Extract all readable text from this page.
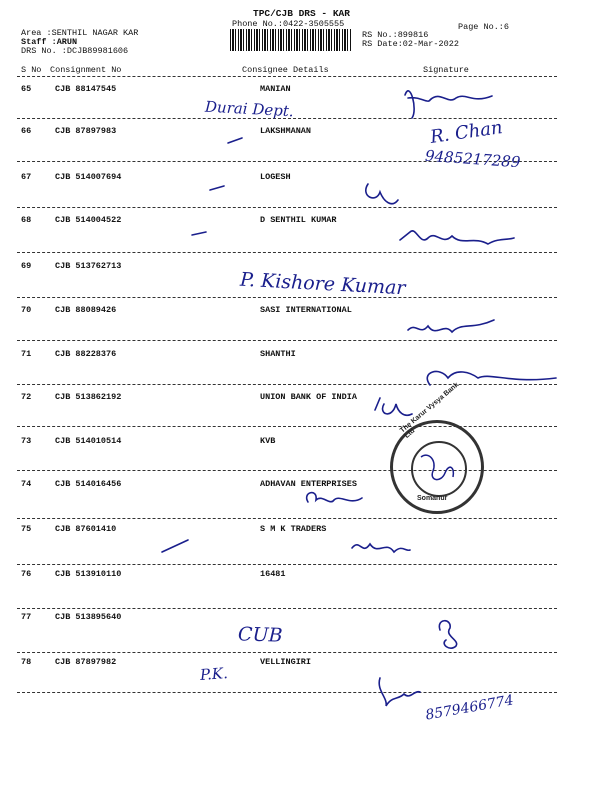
TPC/CJB DRS - KAR
Phone No.:0422-3505555	Page No.:6
Area :SENTHIL NAGAR KAR
Staff :ARUN
DRS No. :DCJB89981606
RS No.:899816
RS Date:02-Mar-2022
S No Consignment No	Consignee Details	Signature
65	CJB 88147545	MANIAN
66	CJB 87897983	LAKSHMANAN
67	CJB 514007694	LOGESH
68	CJB 514004522	D SENTHIL KUMAR
69	CJB 513762713
70	CJB 88089426	SASI INTERNATIONAL
71	CJB 88228376	SHANTHI
72	CJB 513862192	UNION BANK OF INDIA
73	CJB 514010514	KVB
74	CJB 514016456	ADHAVAN ENTERPRISES
75	CJB 87601410	S M K TRADERS
76	CJB 513910110	16481
77	CJB 513895640
78	CJB 87897982	VELLINGIRI
Durai Dept.
R. Chan
9485217289
P. Kishore Kumar
CUB
P.K.
8579466774
The Karur Vysya Bank Ltd
Somanur
